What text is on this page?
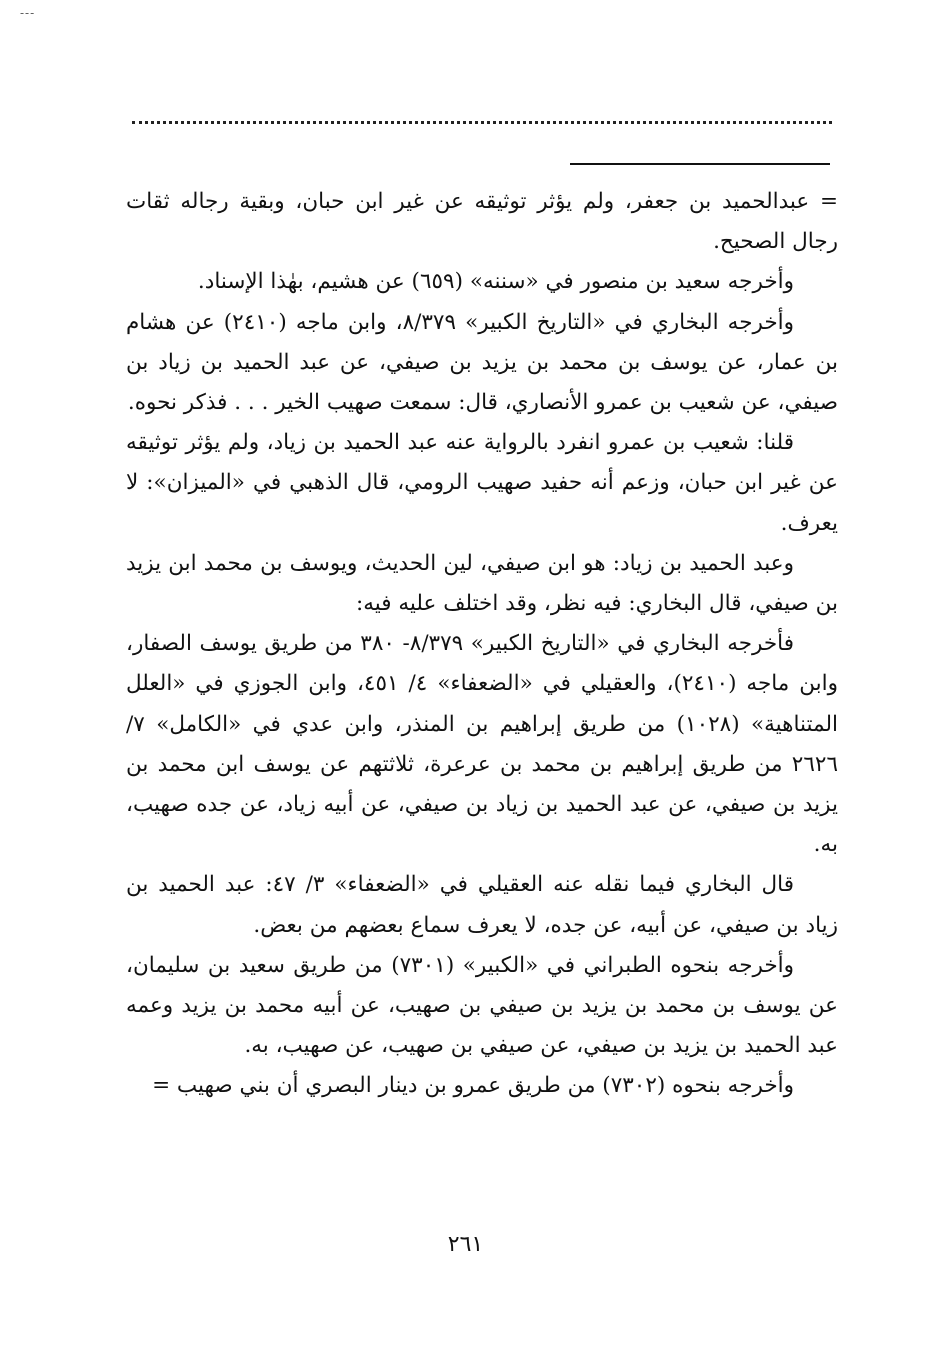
---

= عبدالحميد بن جعفر، ولم يؤثر توثيقه عن غير ابن حبان، وبقية رجاله ثقات رجال الصحيح.

وأخرجه سعيد بن منصور في «سننه» (٦٥٩) عن هشيم، بهٰذا الإسناد.

وأخرجه البخاري في «التاريخ الكبير» ٨/٣٧٩، وابن ماجه (٢٤١٠) عن هشام بن عمار، عن يوسف بن محمد بن يزيد بن صيفي، عن عبد الحميد بن زياد بن صيفي، عن شعيب بن عمرو الأنصاري، قال: سمعت صهيب الخير . . . فذكر نحوه.

قلنا: شعيب بن عمرو انفرد بالرواية عنه عبد الحميد بن زياد، ولم يؤثر توثيقه عن غير ابن حبان، وزعم أنه حفيد صهيب الرومي، قال الذهبي في «الميزان»: لا يعرف.

وعبد الحميد بن زياد: هو ابن صيفي، لين الحديث، ويوسف بن محمد ابن يزيد بن صيفي، قال البخاري: فيه نظر، وقد اختلف عليه فيه:

فأخرجه البخاري في «التاريخ الكبير» ٨/٣٧٩- ٣٨٠ من طريق يوسف الصفار، وابن ماجه (٢٤١٠)، والعقيلي في «الضعفاء» ٤/ ٤٥١، وابن الجوزي في «العلل المتناهية» (١٠٢٨) من طريق إبراهيم بن المنذر، وابن عدي في «الكامل» ٧/ ٢٦٢٦ من طريق إبراهيم بن محمد بن عرعرة، ثلاثتهم عن يوسف ابن محمد بن يزيد بن صيفي، عن عبد الحميد بن زياد بن صيفي، عن أبيه زياد، عن جده صهيب، به.

قال البخاري فيما نقله عنه العقيلي في «الضعفاء» ٣/ ٤٧: عبد الحميد بن زياد بن صيفي، عن أبيه، عن جده، لا يعرف سماع بعضهم من بعض.

وأخرجه بنحوه الطبراني في «الكبير» (٧٣٠١) من طريق سعيد بن سليمان، عن يوسف بن محمد بن يزيد بن صيفي بن صهيب، عن أبيه محمد بن يزيد وعمه عبد الحميد بن يزيد بن صيفي، عن صيفي بن صهيب، عن صهيب، به.

وأخرجه بنحوه (٧٣٠٢) من طريق عمرو بن دينار البصري أن بني صهيب =

٢٦١
